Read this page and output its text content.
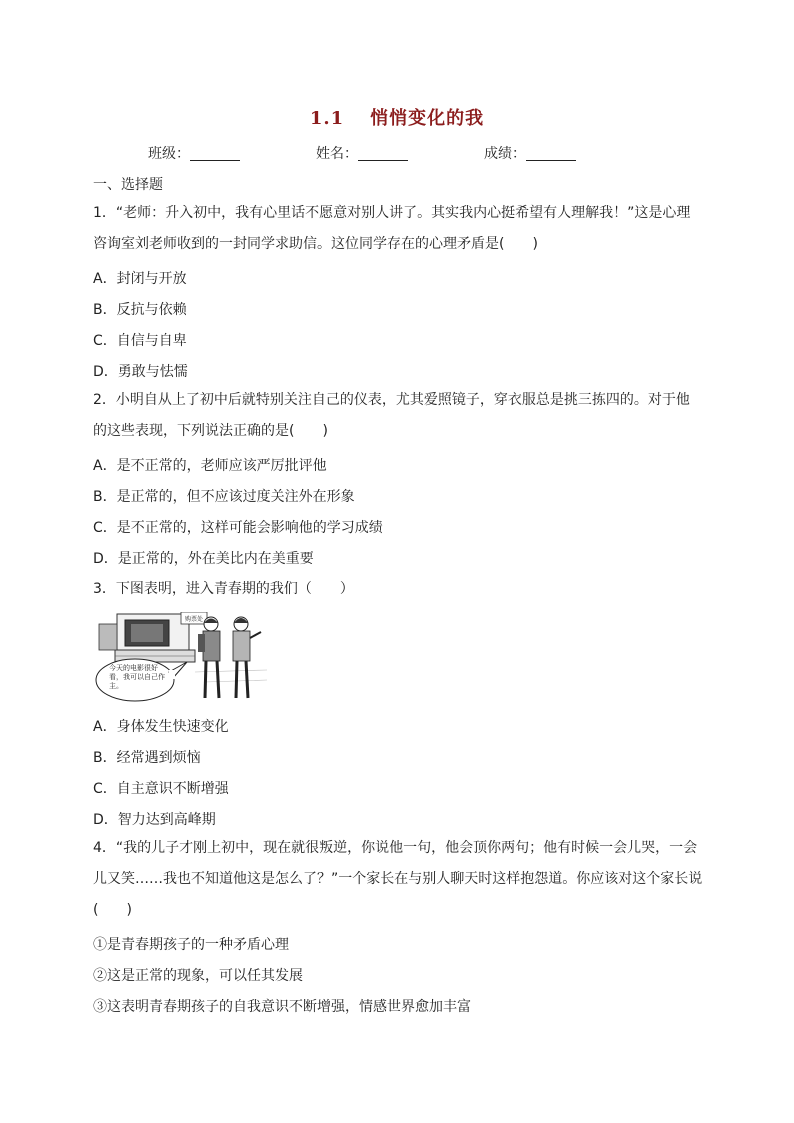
1.1 悄悄变化的我
班级：	姓名：	成绩：
一、选择题
1．“老师：升入初中，我有心里话不愿意对别人讲了。其实我内心挺希望有人理解我！”这是心理咨询室刘老师收到的一封同学求助信。这位同学存在的心理矛盾是(　　)
A．封闭与开放
B．反抗与依赖
C．自信与自卑
D．勇敢与怯懦
2．小明自从上了初中后就特别关注自己的仪表，尤其爱照镜子，穿衣服总是挑三拣四的。对于他的这些表现，下列说法正确的是(　　)
A．是不正常的，老师应该严厉批评他
B．是正常的，但不应该过度关注外在形象
C．是不正常的，这样可能会影响他的学习成绩
D．是正常的，外在美比内在美重要
3．下图表明，进入青春期的我们（　　）
购票处
今天的电影很好看，我可以自己作主。
A．身体发生快速变化
B．经常遇到烦恼
C．自主意识不断增强
D．智力达到高峰期
4．“我的儿子才刚上初中，现在就很叛逆，你说他一句，他会顶你两句；他有时候一会儿哭，一会儿又笑……我也不知道他这是怎么了？”一个家长在与别人聊天时这样抱怨道。你应该对这个家长说　　(　　)
①是青春期孩子的一种矛盾心理
②这是正常的现象，可以任其发展
③这表明青春期孩子的自我意识不断增强，情感世界愈加丰富
